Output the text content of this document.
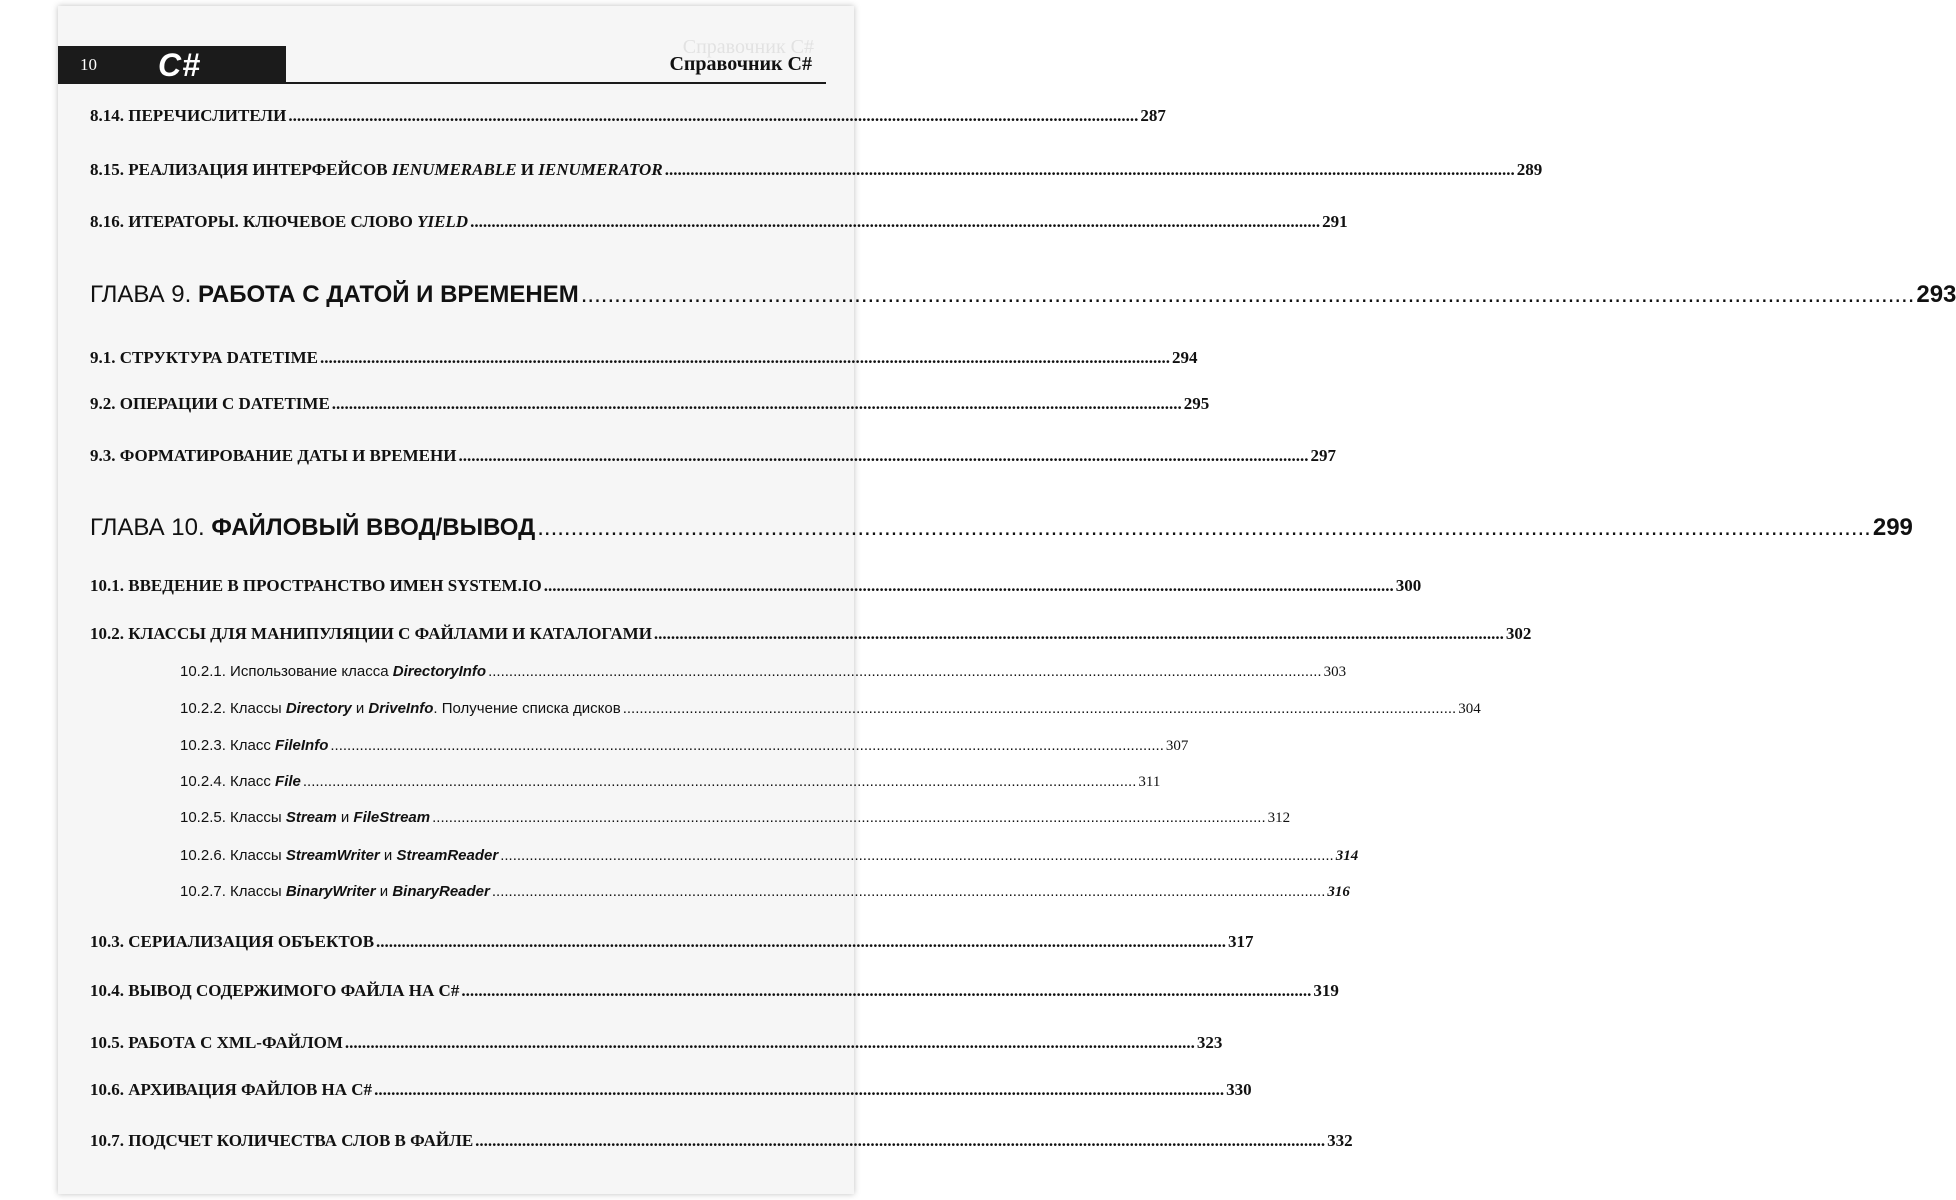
Справочник C#
10 C#	Справочник C#
8.14. ПЕРЕЧИСЛИТЕЛИ ........................................................................................................................................................................................................ 287
8.15. РЕАЛИЗАЦИЯ ИНТЕРФЕЙСОВ IENUMERABLE И IENUMERATOR ........................................................................................................................................................................................................ 289
8.16. ИТЕРАТОРЫ. КЛЮЧЕВОЕ СЛОВО YIELD ........................................................................................................................................................................................................ 291
ГЛАВА 9. РАБОТА С ДАТОЙ И ВРЕМЕНЕМ ........................................................................................................................................................................................................ 293
9.1. СТРУКТУРА DATETIME ........................................................................................................................................................................................................ 294
9.2. ОПЕРАЦИИ С DATETIME ........................................................................................................................................................................................................ 295
9.3. ФОРМАТИРОВАНИЕ ДАТЫ И ВРЕМЕНИ ........................................................................................................................................................................................................ 297
ГЛАВА 10. ФАЙЛОВЫЙ ВВОД/ВЫВОД ........................................................................................................................................................................................................ 299
10.1. ВВЕДЕНИЕ В ПРОСТРАНСТВО ИМЕН SYSTEM.IO ........................................................................................................................................................................................................ 300
10.2. КЛАССЫ ДЛЯ МАНИПУЛЯЦИИ С ФАЙЛАМИ И КАТАЛОГАМИ ........................................................................................................................................................................................................ 302
10.2.1. Использование класса DirectoryInfo ........................................................................................................................................................................................................ 303
10.2.2. Классы Directory и DriveInfo. Получение списка дисков ........................................................................................................................................................................................................ 304
10.2.3. Класс FileInfo ........................................................................................................................................................................................................ 307
10.2.4. Класс File ........................................................................................................................................................................................................ 311
10.2.5. Классы Stream и FileStream ........................................................................................................................................................................................................ 312
10.2.6. Классы StreamWriter и StreamReader ........................................................................................................................................................................................................ 314
10.2.7. Классы BinaryWriter и BinaryReader ........................................................................................................................................................................................................ 316
10.3. СЕРИАЛИЗАЦИЯ ОБЪЕКТОВ ........................................................................................................................................................................................................ 317
10.4. ВЫВОД СОДЕРЖИМОГО ФАЙЛА НА C# ........................................................................................................................................................................................................ 319
10.5. РАБОТА С XML-ФАЙЛОМ ........................................................................................................................................................................................................ 323
10.6. АРХИВАЦИЯ ФАЙЛОВ НА C# ........................................................................................................................................................................................................ 330
10.7. ПОДСЧЕТ КОЛИЧЕСТВА СЛОВ В ФАЙЛЕ ........................................................................................................................................................................................................ 332
